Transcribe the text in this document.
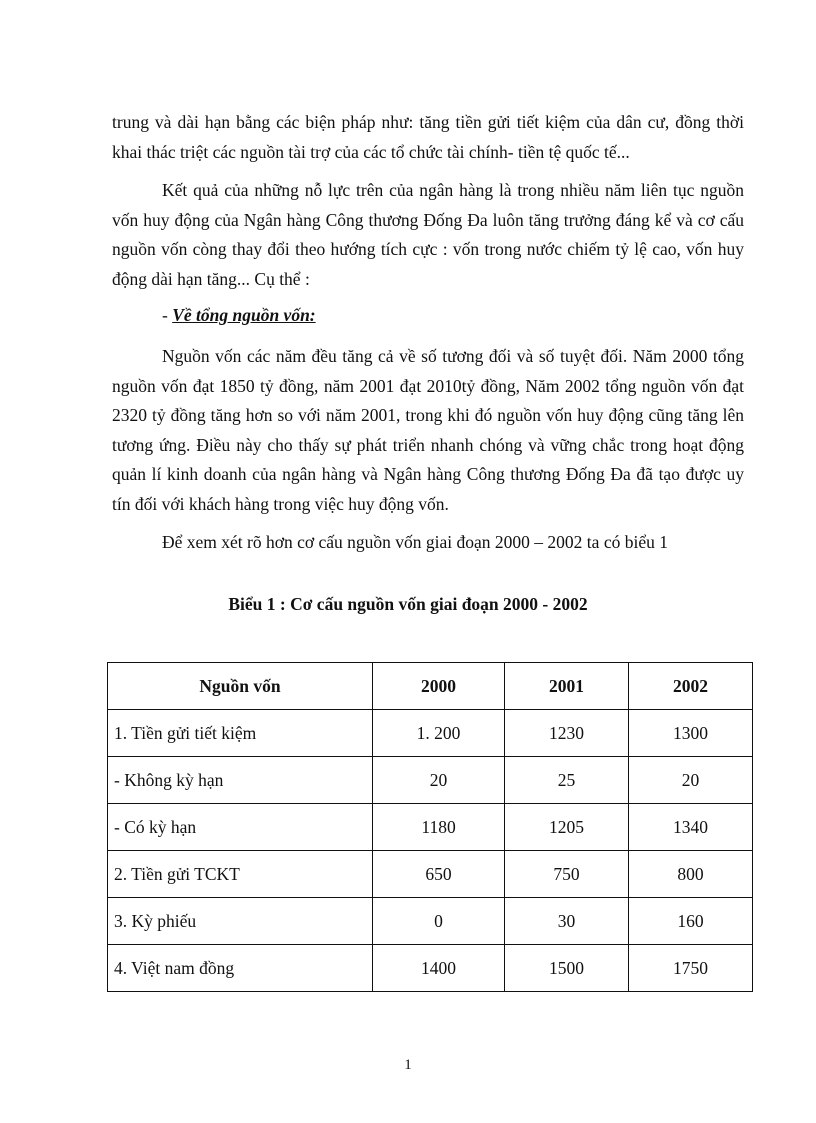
trung và dài hạn bằng các biện pháp như: tăng tiền gửi tiết kiệm của dân cư, đồng thời khai thác triệt các nguồn tài trợ của các tổ chức tài chính- tiền tệ quốc tế...

Kết quả của những nỗ lực trên của ngân hàng là trong nhiều năm liên tục nguồn vốn huy động của Ngân hàng Công thương Đống Đa luôn tăng trưởng đáng kể và cơ cấu nguồn vốn còng thay đổi theo hướng tích cực : vốn trong nước chiếm tỷ lệ cao, vốn huy động dài hạn tăng... Cụ thể :

- Về tổng nguồn vốn:

Nguồn vốn các năm đều tăng cả về số tương đối và số tuyệt đối. Năm 2000 tổng nguồn vốn đạt 1850 tỷ đồng, năm 2001 đạt 2010tỷ đồng, Năm 2002 tổng nguồn vốn đạt 2320 tỷ đồng tăng hơn so với năm 2001, trong khi đó nguồn vốn huy động cũng tăng lên tương ứng. Điều này cho thấy sự phát triển nhanh chóng và vững chắc trong hoạt động quản lí kinh doanh của ngân hàng và Ngân hàng Công thương Đống Đa đã tạo được uy tín đối với khách hàng trong việc huy động vốn.

Để xem xét rõ hơn cơ cấu nguồn vốn giai đoạn 2000 – 2002 ta có biểu 1

Biểu 1 : Cơ cấu nguồn vốn giai đoạn 2000 - 2002

Nguồn vốn	2000	2001	2002
1. Tiền gửi tiết kiệm	1. 200	1230	1300
- Không kỳ hạn	20	25	20
- Có kỳ hạn	1180	1205	1340
2. Tiền gửi TCKT	650	750	800
3. Kỳ phiếu	0	30	160
4. Việt nam đồng	1400	1500	1750
1
